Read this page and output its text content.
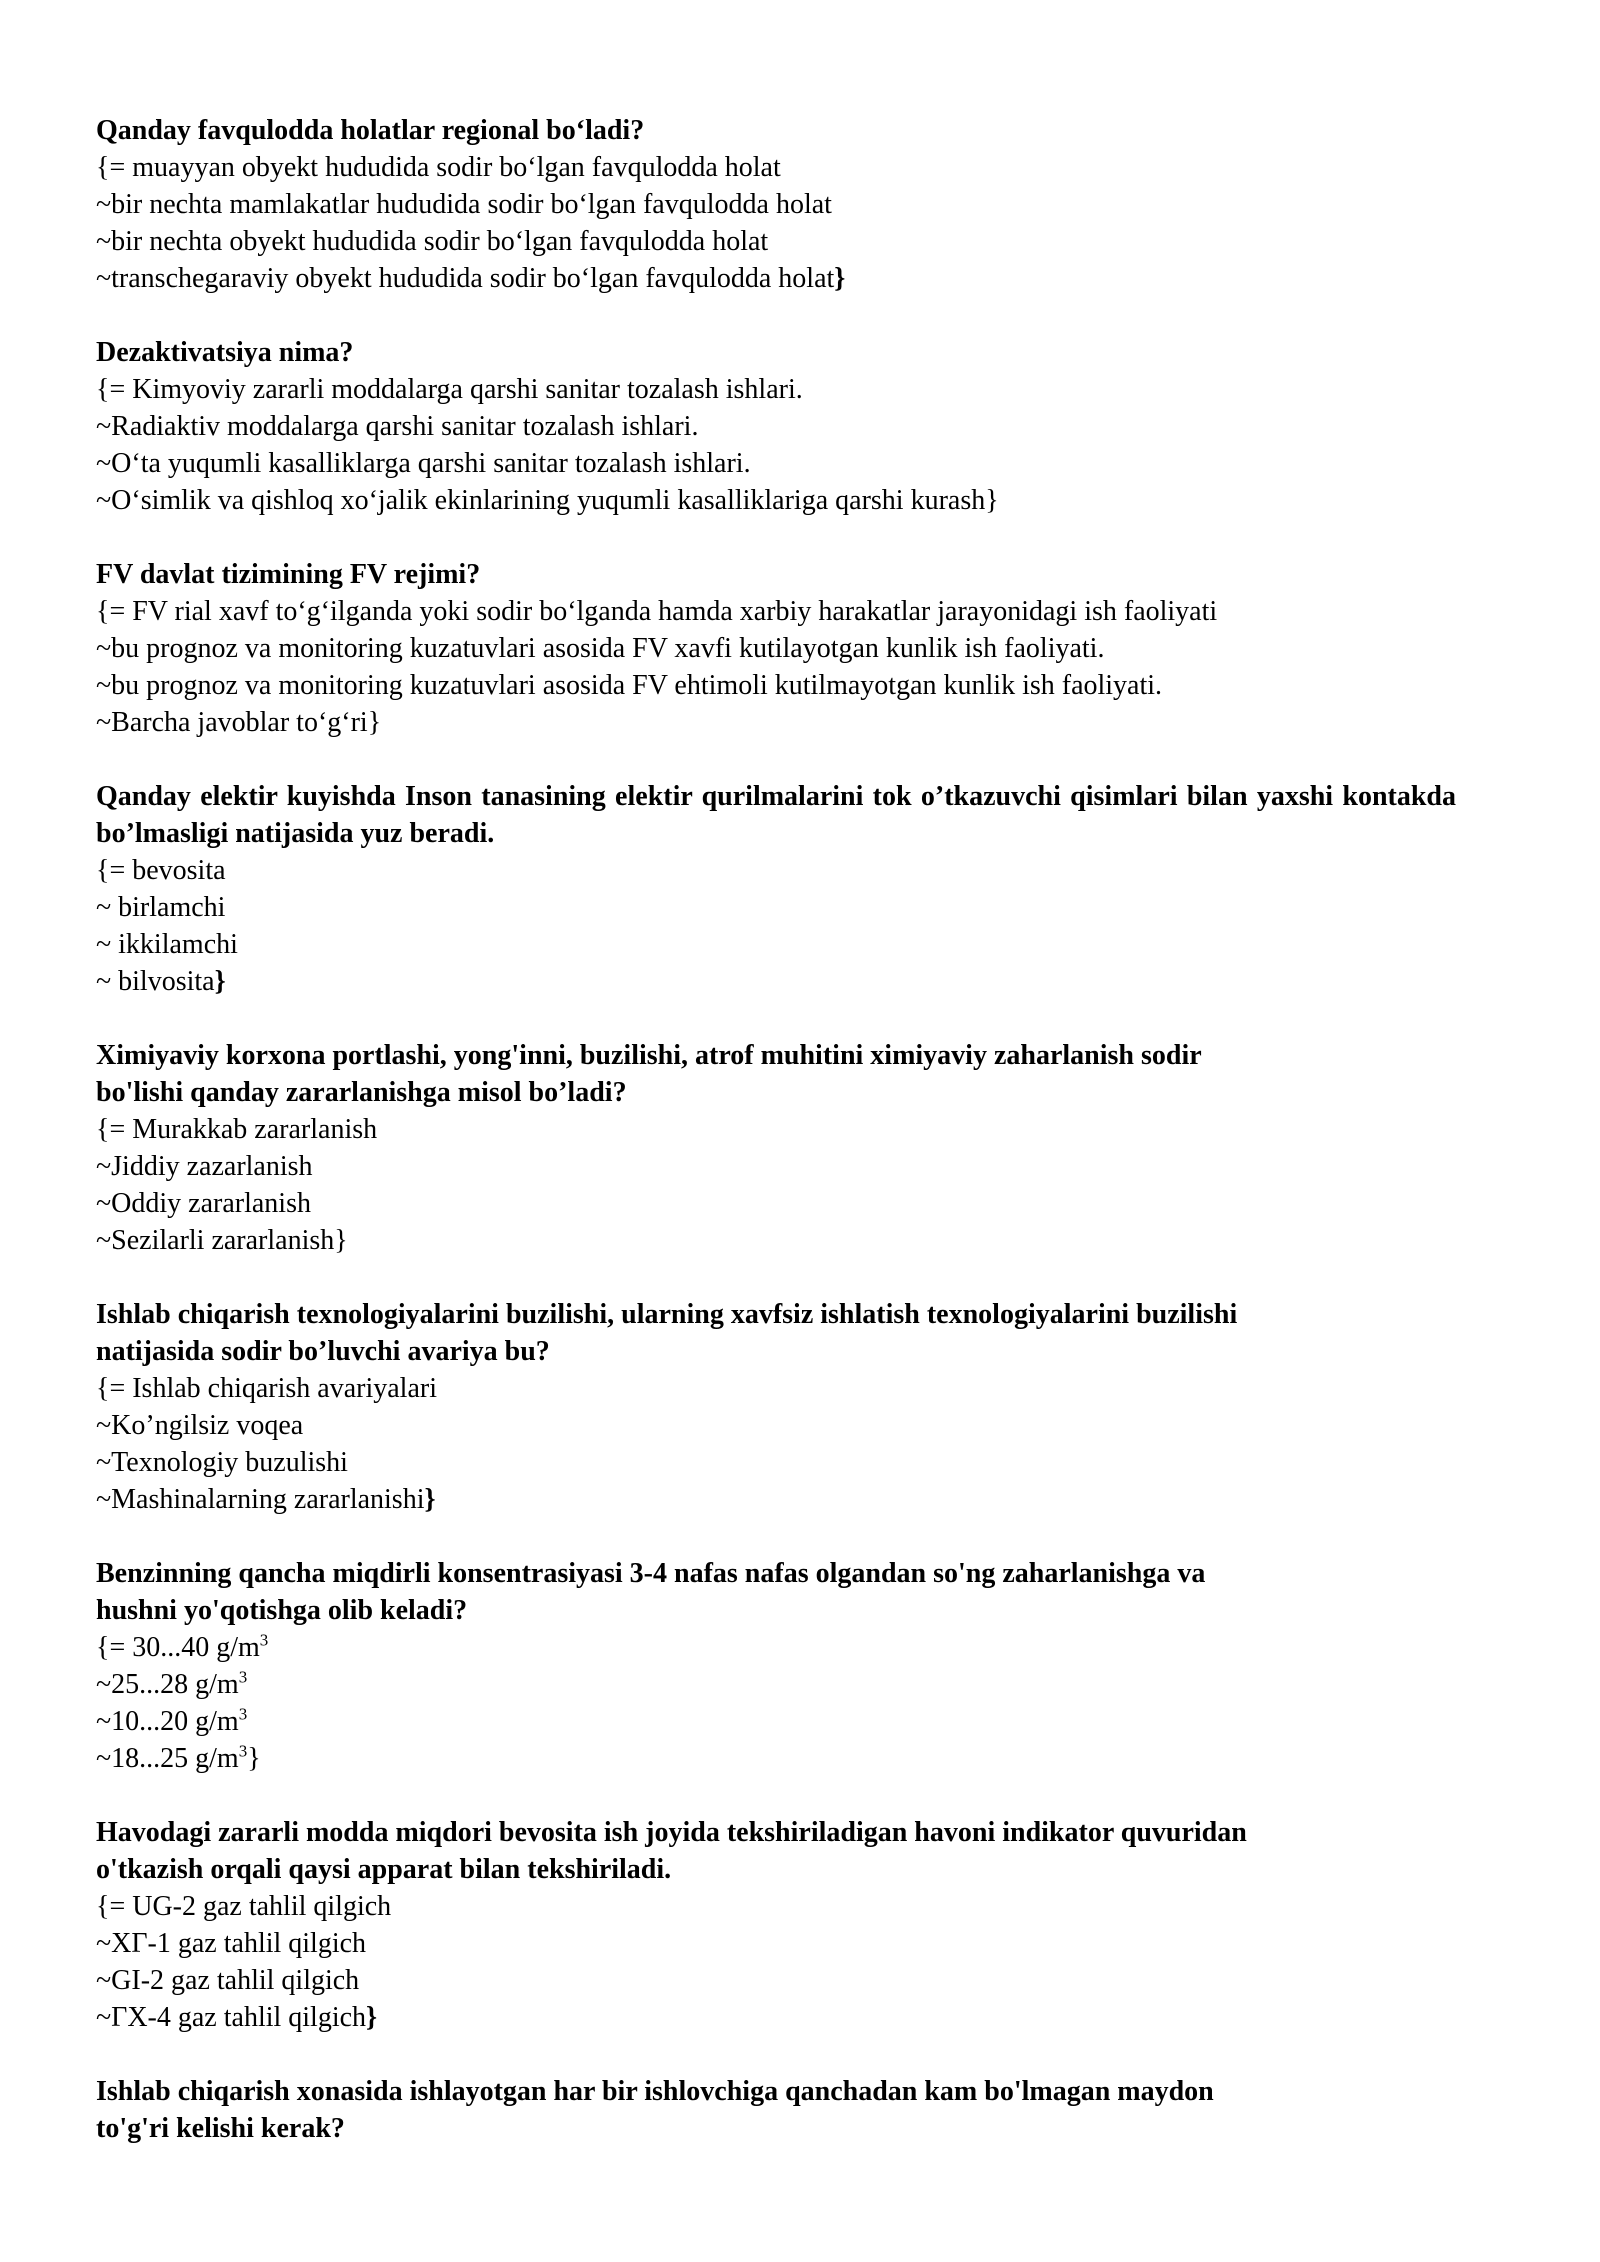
Qanday favqulodda holatlar regional bo‘ladi?
{= muayyan obyekt hududida sodir bo‘lgan favqulodda holat
~bir nechta mamlakatlar hududida sodir bo‘lgan favqulodda holat
~bir nechta obyekt hududida sodir bo‘lgan favqulodda holat
~transchegaraviy obyekt hududida sodir bo‘lgan favqulodda holat}
Dezaktivatsiya nima?
{= Kimyoviy zararli moddalarga qarshi sanitar tozalash ishlari.
~Radiaktiv moddalarga qarshi sanitar tozalash ishlari.
~O‘ta yuqumli kasalliklarga qarshi sanitar tozalash ishlari.
~O‘simlik va qishloq xo‘jalik ekinlarining yuqumli kasalliklariga qarshi kurash}
FV davlat tizimining FV rejimi?
{= FV rial xavf to‘g‘ilganda yoki sodir bo‘lganda hamda xarbiy harakatlar jarayonidagi ish faoliyati
~bu prognoz va monitoring kuzatuvlari asosida FV xavfi kutilayotgan kunlik ish faoliyati.
~bu prognoz va monitoring kuzatuvlari asosida FV ehtimoli kutilmayotgan kunlik ish faoliyati.
~Barcha javoblar to‘g‘ri}
Qanday elektir kuyishda Inson tanasining elektir qurilmalarini tok o’tkazuvchi qisimlari bilan yaxshi kontakda bo’lmasligi natijasida yuz beradi.
{= bevosita
~ birlamchi
~ ikkilamchi
~ bilvosita}
Ximiyaviy korxona portlashi, yong'inni, buzilishi, atrof muhitini ximiyaviy zaharlanish sodir
bo'lishi qanday zararlanishga misol bo’ladi?
{= Murakkab zararlanish
~Jiddiy zazarlanish
~Oddiy zararlanish
~Sezilarli zararlanish}
Ishlab chiqarish texnologiyalarini buzilishi, ularning xavfsiz ishlatish texnologiyalarini buzilishi
natijasida sodir bo’luvchi avariya bu?
{= Ishlab chiqarish avariyalari
~Ko’ngilsiz voqea
~Texnologiy buzulishi
~Mashinalarning zararlanishi}
Benzinning qancha miqdirli konsentrasiyasi 3-4 nafas nafas olgandan so'ng zaharlanishga va
hushni yo'qotishga olib keladi?
{= 30...40 $g/m^3$
~25...28 $g/m^3$
~10...20 $g/m^3$
~18...25 $g/m^3$}
Havodagi zararli modda miqdori bevosita ish joyida tekshiriladigan havoni indikator quvuridan
o'tkazish orqali qaysi apparat bilan tekshiriladi.
{= UG-2 gaz tahlil qilgich
~XΓ-1 gaz tahlil qilgich
~GI-2 gaz tahlil qilgich
~ΓX-4 gaz tahlil qilgich}
Ishlab chiqarish xonasida ishlayotgan har bir ishlovchiga qanchadan kam bo'lmagan maydon
to'g'ri kelishi kerak?
